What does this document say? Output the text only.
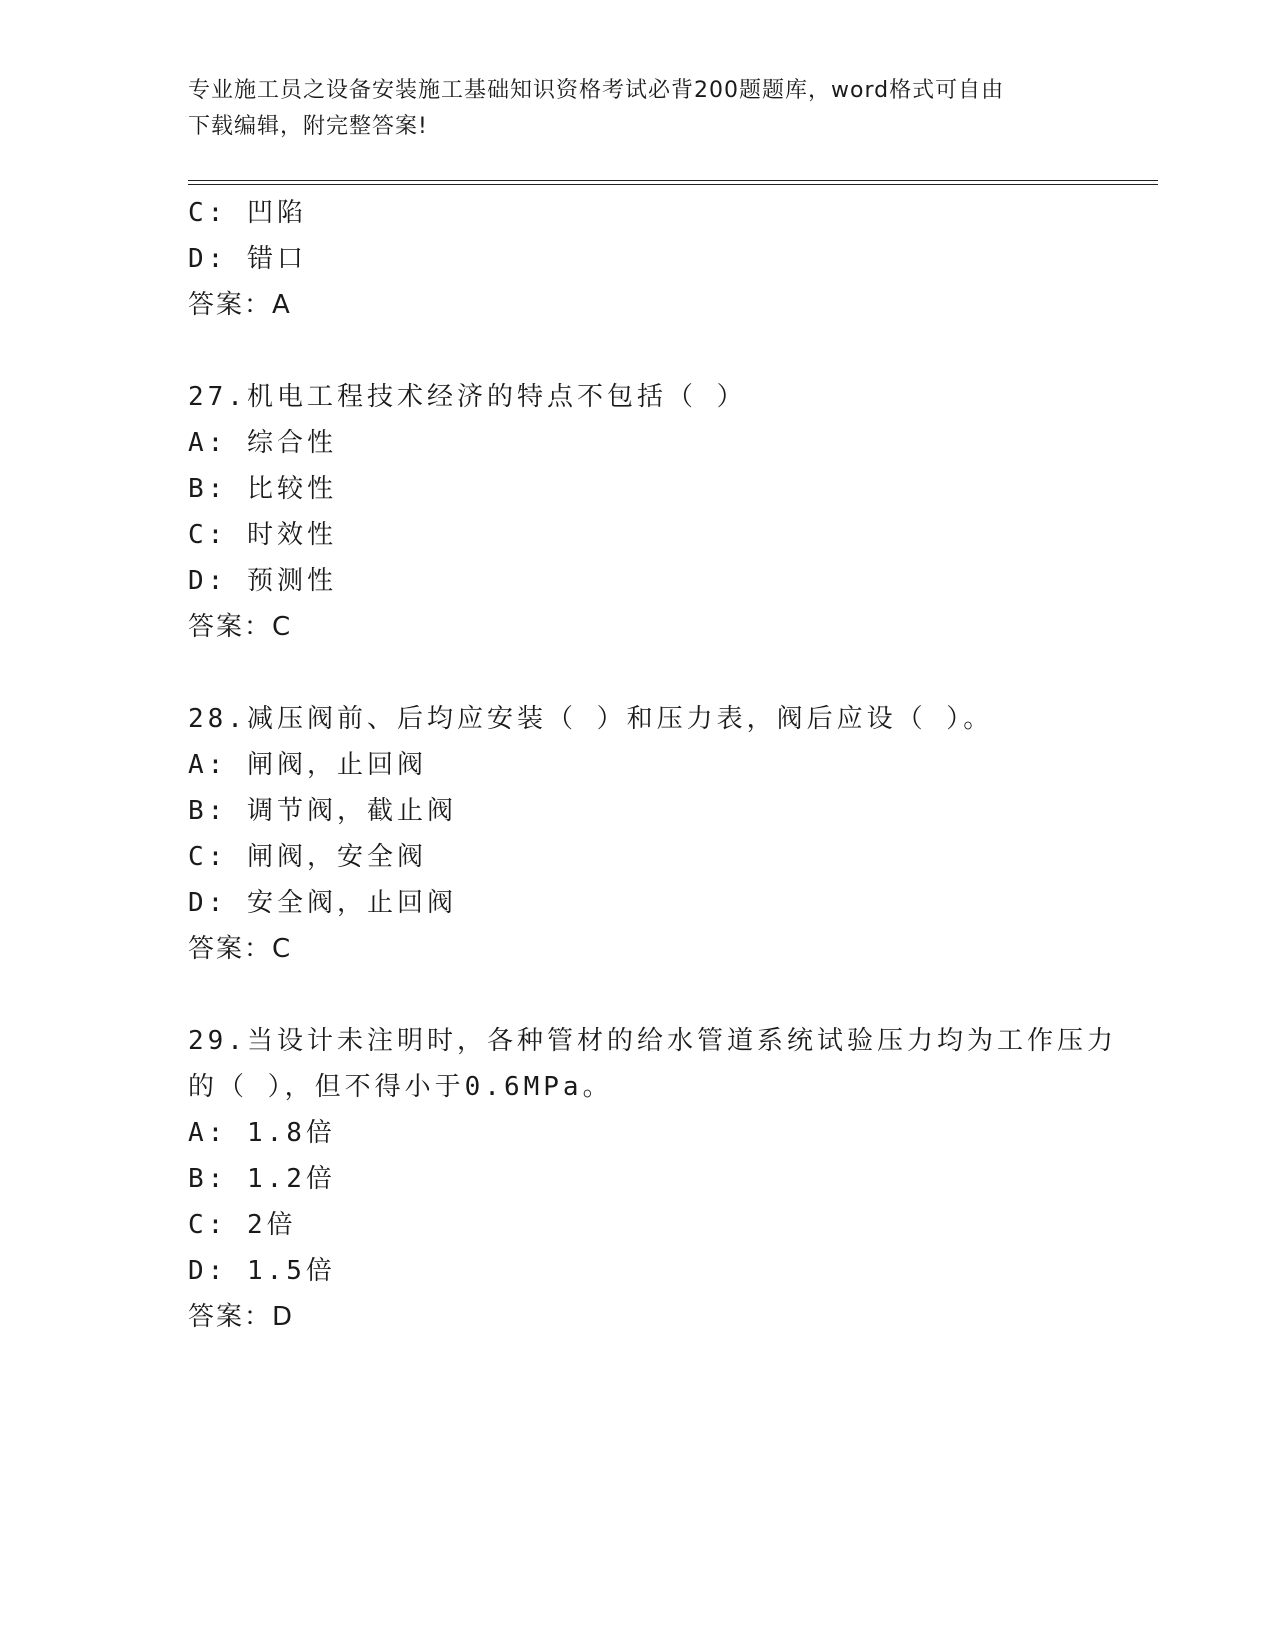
专业施工员之设备安装施工基础知识资格考试必背200题题库，word格式可自由
下载编辑，附完整答案!
C: 凹陷
D: 错口
答案：A
27.机电工程技术经济的特点不包括（ ）
A: 综合性
B: 比较性
C: 时效性
D: 预测性
答案：C
28.减压阀前、后均应安装（ ）和压力表，阀后应设（ ）。
A: 闸阀，止回阀
B: 调节阀，截止阀
C: 闸阀，安全阀
D: 安全阀，止回阀
答案：C
29.当设计未注明时，各种管材的给水管道系统试验压力均为工作压力
的（ ），但不得小于0.6MPa。
A: 1.8倍
B: 1.2倍
C: 2倍
D: 1.5倍
答案：D
